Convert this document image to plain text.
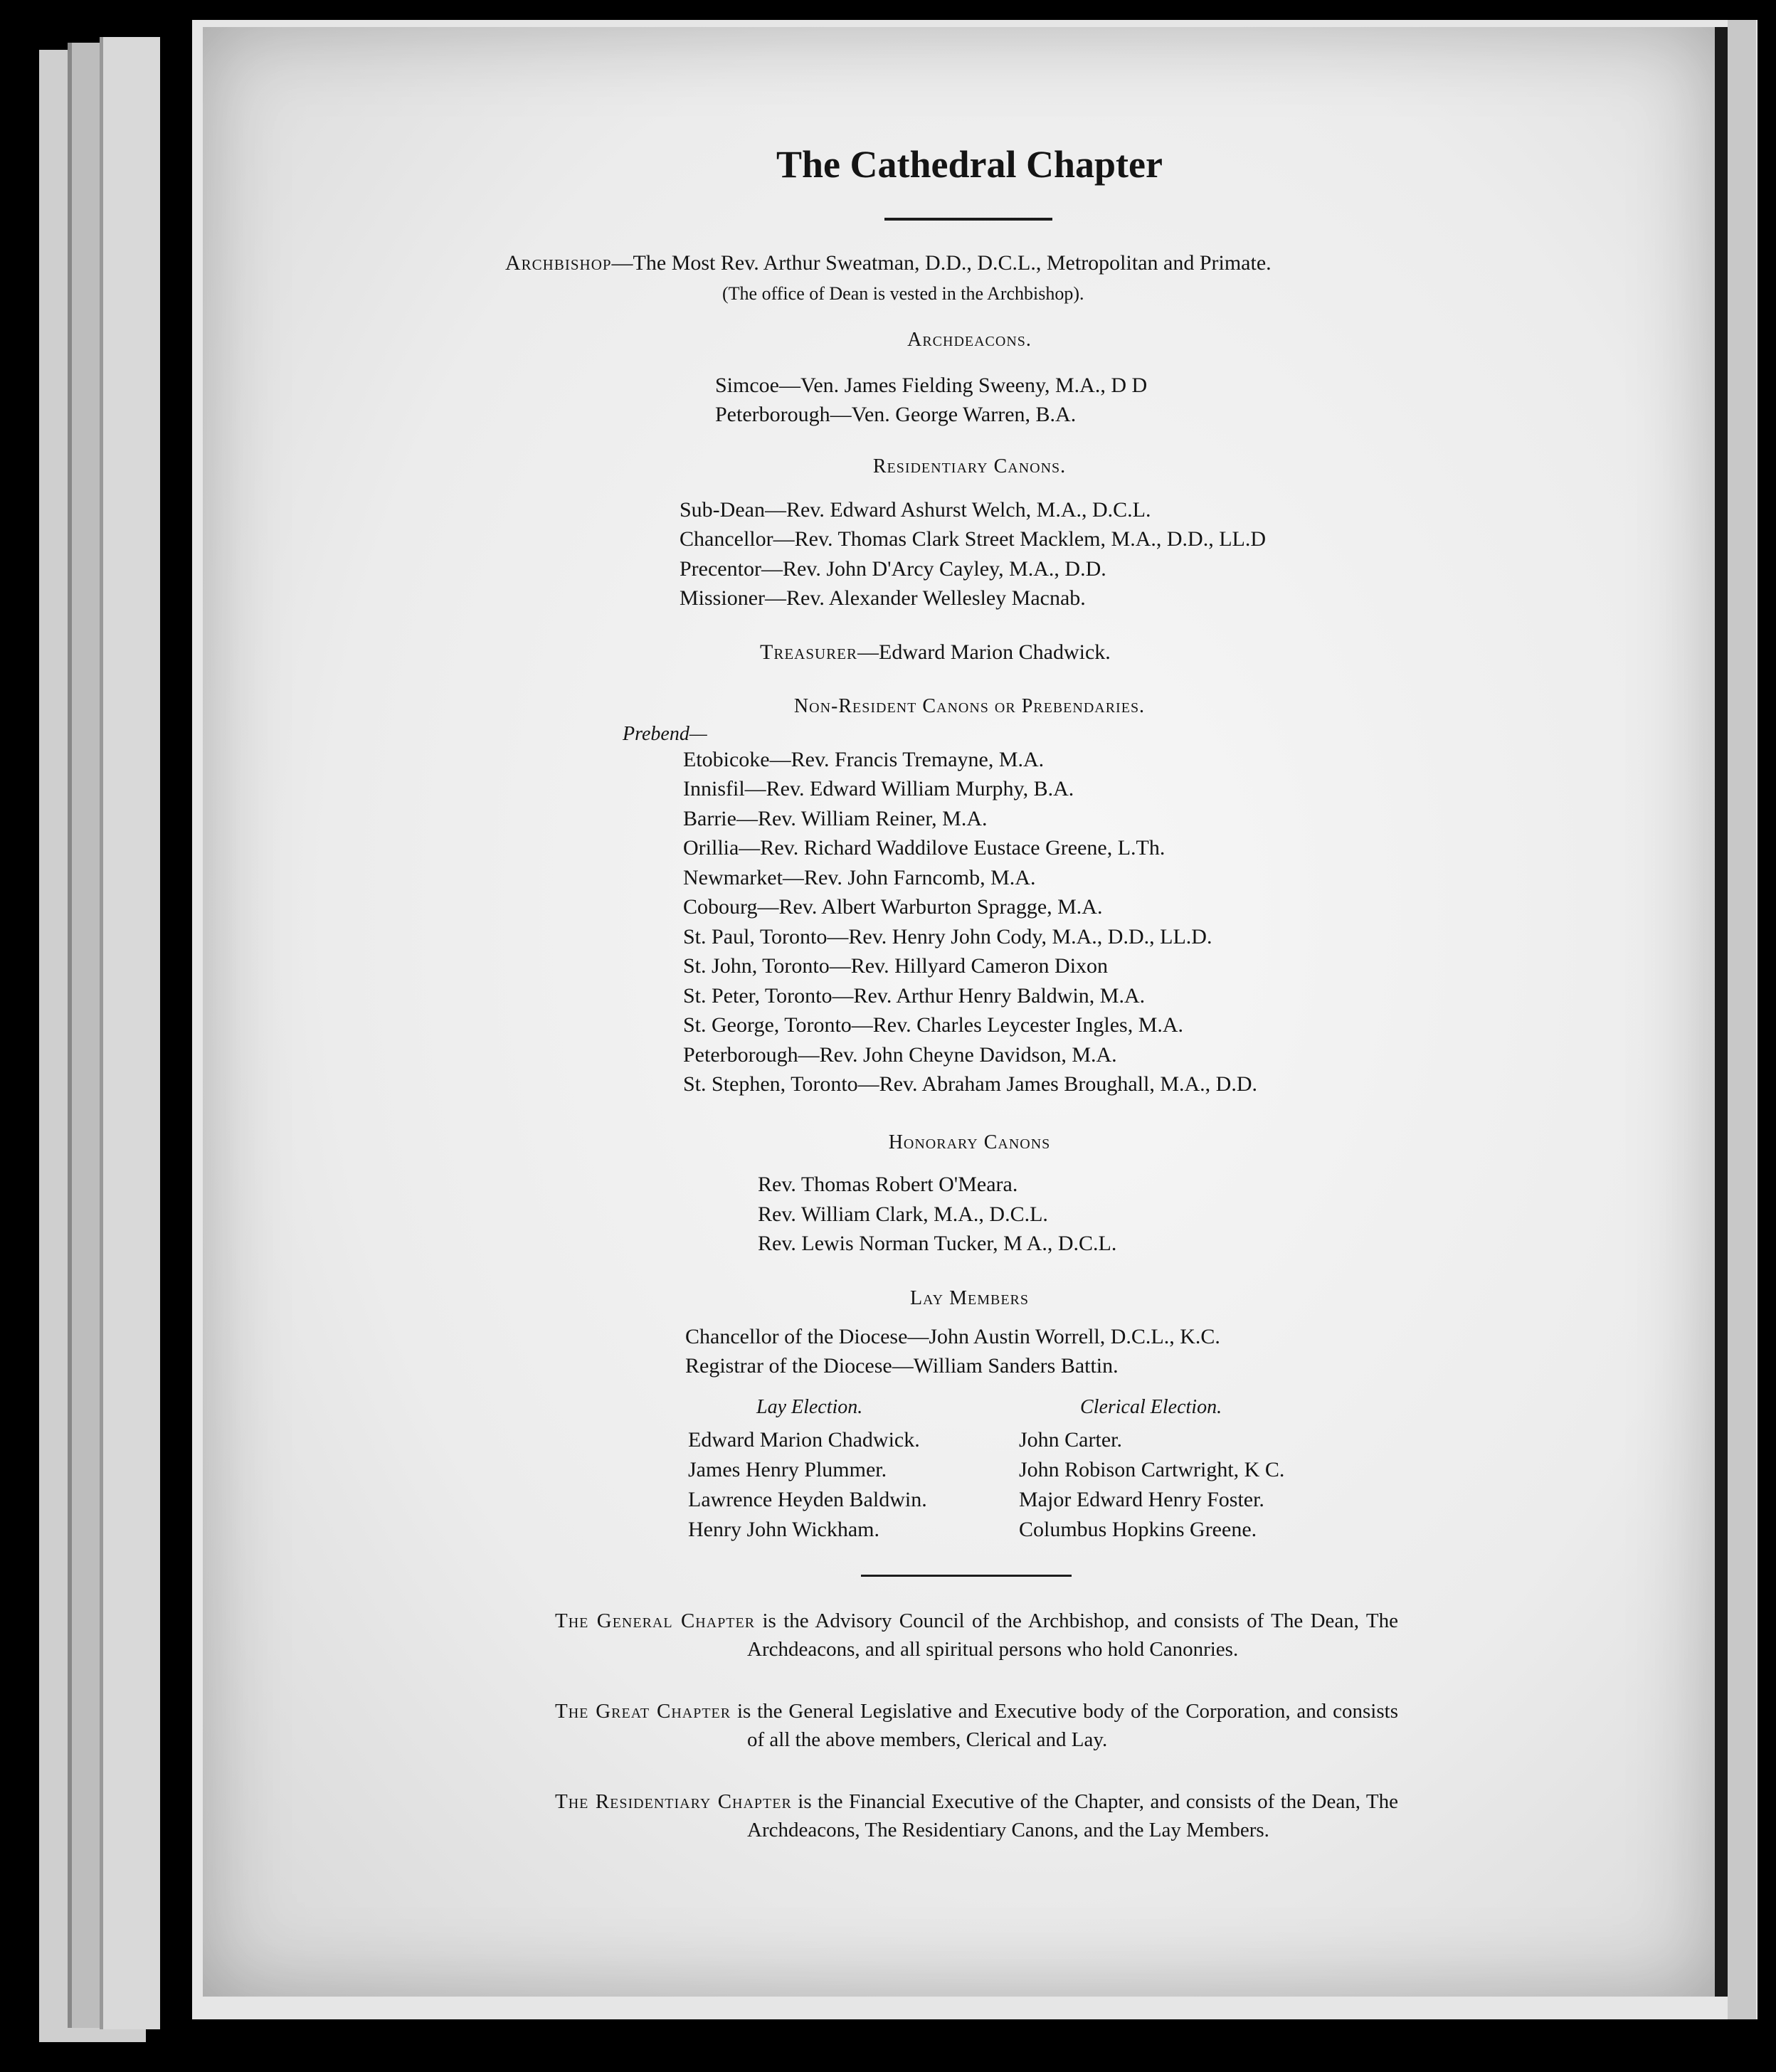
The Cathedral Chapter
Archbishop—The Most Rev. Arthur Sweatman, D.D., D.C.L., Metropolitan and Primate.
(The office of Dean is vested in the Archbishop).
Archdeacons.
Simcoe—Ven. James Fielding Sweeny, M.A., D D
Peterborough—Ven. George Warren, B.A.
Residentiary Canons.
Sub-Dean—Rev. Edward Ashurst Welch, M.A., D.C.L.
Chancellor—Rev. Thomas Clark Street Macklem, M.A., D.D., LL.D
Precentor—Rev. John D'Arcy Cayley, M.A., D.D.
Missioner—Rev. Alexander Wellesley Macnab.
Treasurer—Edward Marion Chadwick.
Non-Resident Canons or Prebendaries.
Prebend—
Etobicoke—Rev. Francis Tremayne, M.A.
Innisfil—Rev. Edward William Murphy, B.A.
Barrie—Rev. William Reiner, M.A.
Orillia—Rev. Richard Waddilove Eustace Greene, L.Th.
Newmarket—Rev. John Farncomb, M.A.
Cobourg—Rev. Albert Warburton Spragge, M.A.
St. Paul, Toronto—Rev. Henry John Cody, M.A., D.D., LL.D.
St. John, Toronto—Rev. Hillyard Cameron Dixon
St. Peter, Toronto—Rev. Arthur Henry Baldwin, M.A.
St. George, Toronto—Rev. Charles Leycester Ingles, M.A.
Peterborough—Rev. John Cheyne Davidson, M.A.
St. Stephen, Toronto—Rev. Abraham James Broughall, M.A., D.D.
Honorary Canons
Rev. Thomas Robert O'Meara.
Rev. William Clark, M.A., D.C.L.
Rev. Lewis Norman Tucker, M A., D.C.L.
Lay Members
Chancellor of the Diocese—John Austin Worrell, D.C.L., K.C.
Registrar of the Diocese—William Sanders Battin.
Lay Election.	Clerical Election.
Edward Marion Chadwick.
James Henry Plummer.
Lawrence Heyden Baldwin.
Henry John Wickham.
John Carter.
John Robison Cartwright, K C.
Major Edward Henry Foster.
Columbus Hopkins Greene.
The General Chapter is the Advisory Council of the Archbishop, and consists of The Dean, The Archdeacons, and all spiritual persons who hold Canonries.
The Great Chapter is the General Legislative and Executive body of the Corporation, and consists of all the above members, Clerical and Lay.
The Residentiary Chapter is the Financial Executive of the Chapter, and consists of the Dean, The Archdeacons, The Residentiary Canons, and the Lay Members.
